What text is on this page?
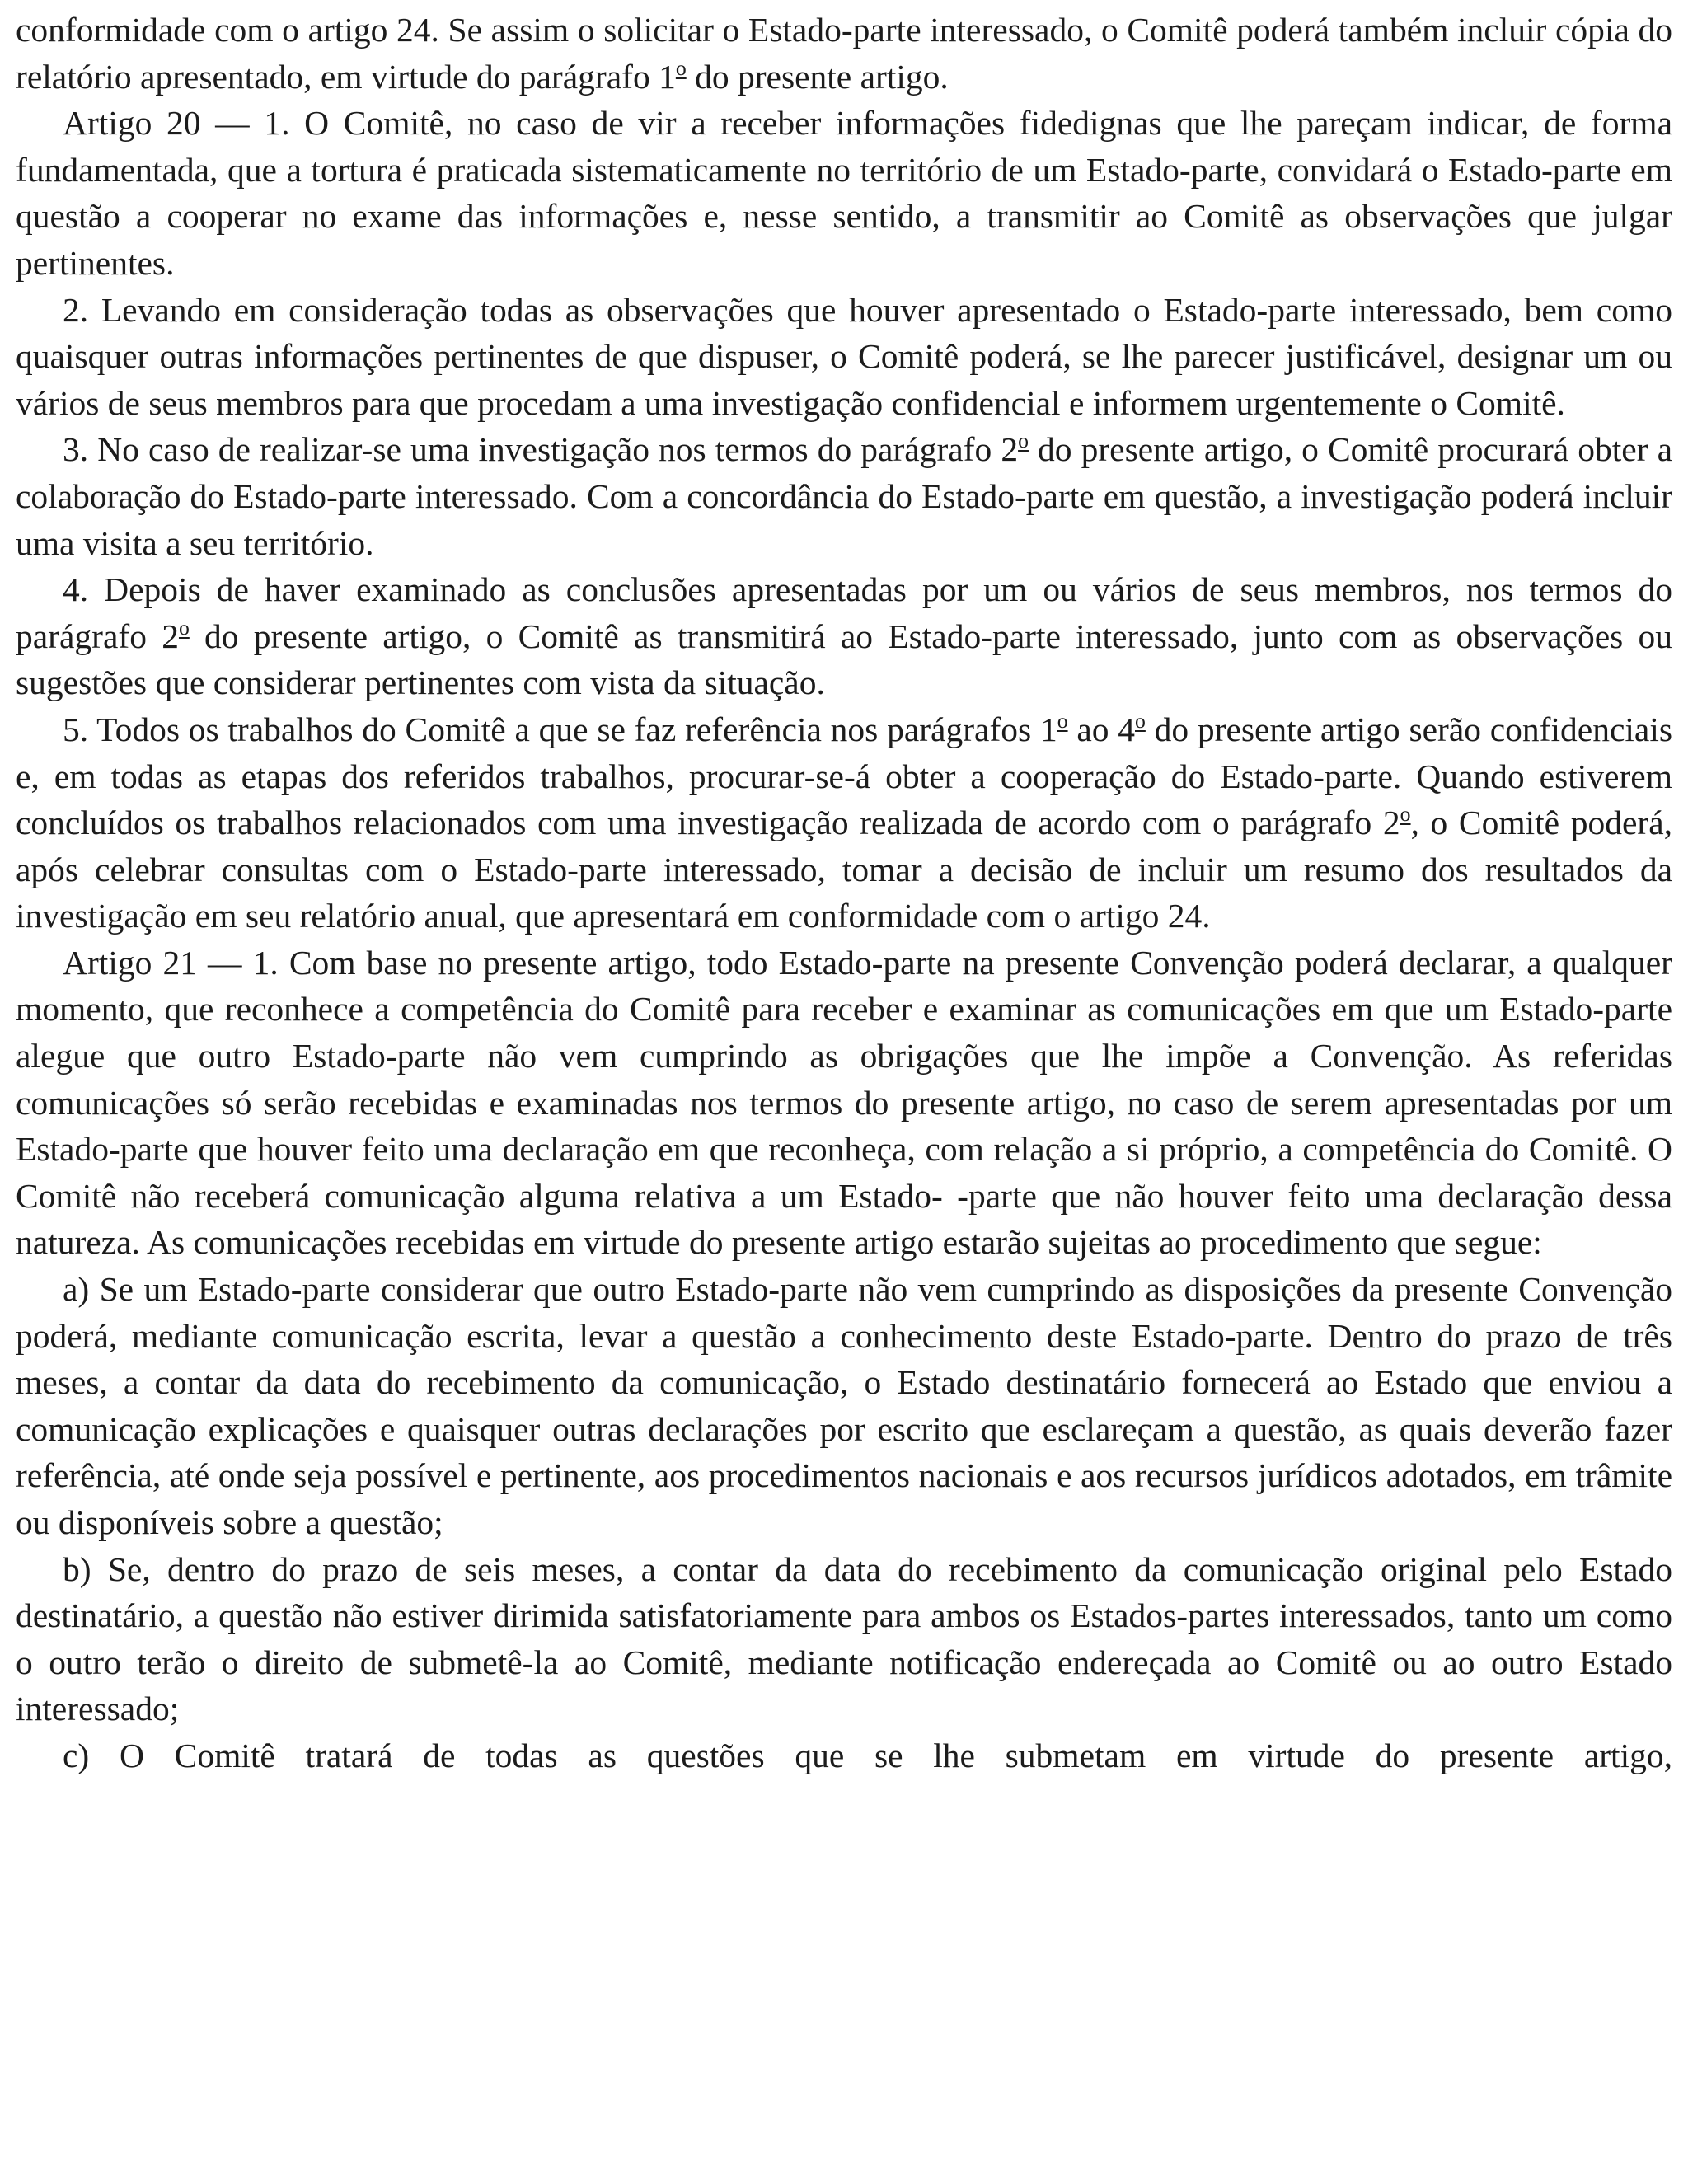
conformidade com o artigo 24. Se assim o solicitar o Estado-parte interessado, o Comitê poderá também incluir cópia do relatório apresentado, em virtude do parágrafo 1$^o$ do presente artigo.

Artigo 20 — 1. O Comitê, no caso de vir a receber informações fidedignas que lhe pareçam indicar, de forma fundamentada, que a tortura é praticada sistematicamente no território de um Estado-parte, convidará o Estado-parte em questão a cooperar no exame das informações e, nesse sentido, a transmitir ao Comitê as observações que julgar pertinentes.

2. Levando em consideração todas as observações que houver apresentado o Estado-parte interessado, bem como quaisquer outras informações pertinentes de que dispuser, o Comitê poderá, se lhe parecer justificável, designar um ou vários de seus membros para que procedam a uma investigação confidencial e informem urgentemente o Comitê.

3. No caso de realizar-se uma investigação nos termos do parágrafo 2$^o$ do presente artigo, o Comitê procurará obter a colaboração do Estado-parte interessado. Com a concordância do Estado-parte em questão, a investigação poderá incluir uma visita a seu território.

4. Depois de haver examinado as conclusões apresentadas por um ou vários de seus membros, nos termos do parágrafo 2$^o$ do presente artigo, o Comitê as transmitirá ao Estado-parte interessado, junto com as observações ou sugestões que considerar pertinentes com vista da situação.

5. Todos os trabalhos do Comitê a que se faz referência nos parágrafos 1$^o$ ao 4$^o$ do presente artigo serão confidenciais e, em todas as etapas dos referidos trabalhos, procurar-se-á obter a cooperação do Estado-parte. Quando estiverem concluídos os trabalhos relacionados com uma investigação realizada de acordo com o parágrafo 2$^o$, o Comitê poderá, após celebrar consultas com o Estado-parte interessado, tomar a decisão de incluir um resumo dos resultados da investigação em seu relatório anual, que apresentará em conformidade com o artigo 24.

Artigo 21 — 1. Com base no presente artigo, todo Estado-parte na presente Convenção poderá declarar, a qualquer momento, que reconhece a competência do Comitê para receber e examinar as comunicações em que um Estado-parte alegue que outro Estado-parte não vem cumprindo as obrigações que lhe impõe a Convenção. As referidas comunicações só serão recebidas e examinadas nos termos do presente artigo, no caso de serem apresentadas por um Estado-parte que houver feito uma declaração em que reconheça, com relação a si próprio, a competência do Comitê. O Comitê não receberá comunicação alguma relativa a um Estado- -parte que não houver feito uma declaração dessa natureza. As comunicações recebidas em virtude do presente artigo estarão sujeitas ao procedimento que segue:

a) Se um Estado-parte considerar que outro Estado-parte não vem cumprindo as disposições da presente Convenção poderá, mediante comunicação escrita, levar a questão a conhecimento deste Estado-parte. Dentro do prazo de três meses, a contar da data do recebimento da comunicação, o Estado destinatário fornecerá ao Estado que enviou a comunicação explicações e quaisquer outras declarações por escrito que esclareçam a questão, as quais deverão fazer referência, até onde seja possível e pertinente, aos procedimentos nacionais e aos recursos jurídicos adotados, em trâmite ou disponíveis sobre a questão;

b) Se, dentro do prazo de seis meses, a contar da data do recebimento da comunicação original pelo Estado destinatário, a questão não estiver dirimida satisfatoriamente para ambos os Estados-partes interessados, tanto um como o outro terão o direito de submetê-la ao Comitê, mediante notificação endereçada ao Comitê ou ao outro Estado interessado;

c) O Comitê tratará de todas as questões que se lhe submetam em virtude do presente artigo,
